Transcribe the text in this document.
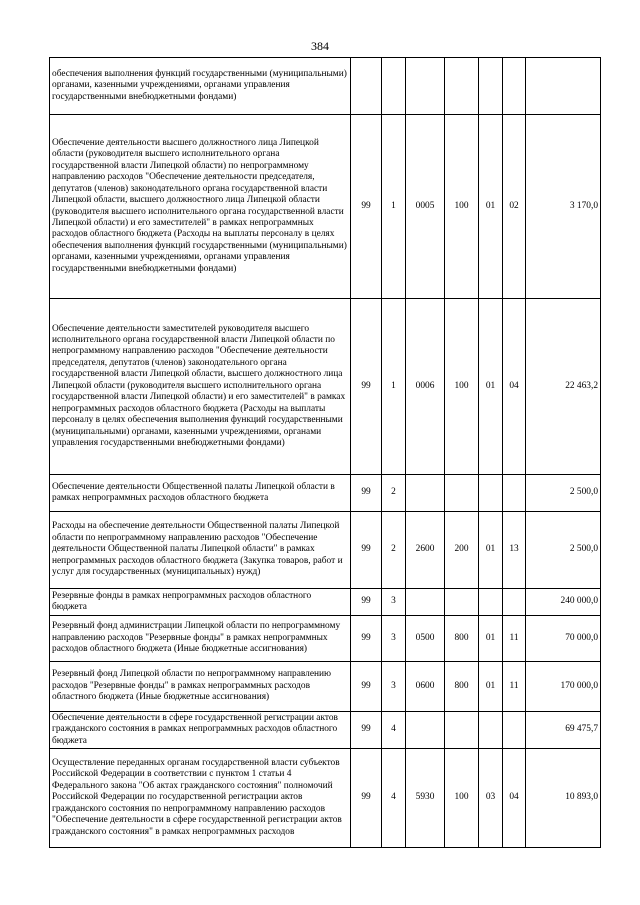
384
обеспечения выполнения функций государственными (муниципальными) органами, казенными учреждениями, органами управления государственными внебюджетными фондами)							
Обеспечение деятельности высшего должностного лица Липецкой области (руководителя высшего исполнительного органа государственной власти Липецкой области) по непрограммному направлению расходов "Обеспечение деятельности председателя, депутатов (членов) законодательного органа государственной власти Липецкой области, высшего должностного лица Липецкой области (руководителя высшего исполнительного органа государственной власти Липецкой области) и его заместителей" в рамках непрограммных расходов областного бюджета (Расходы на выплаты персоналу в целях обеспечения выполнения функций государственными (муниципальными) органами, казенными учреждениями, органами управления государственными внебюджетными фондами)	99	1	0005	100	01	02	3 170,0
Обеспечение деятельности заместителей руководителя высшего исполнительного органа государственной власти Липецкой области по непрограммному направлению расходов "Обеспечение деятельности председателя, депутатов (членов) законодательного органа государственной власти Липецкой области, высшего должностного лица Липецкой области (руководителя высшего исполнительного органа государственной власти Липецкой области) и его заместителей" в рамках непрограммных расходов областного бюджета (Расходы на выплаты персоналу в целях обеспечения выполнения функций государственными (муниципальными) органами, казенными учреждениями, органами управления государственными внебюджетными фондами)	99	1	0006	100	01	04	22 463,2
Обеспечение деятельности Общественной палаты Липецкой области в рамках непрограммных расходов областного бюджета	99	2					2 500,0
Расходы на обеспечение деятельности Общественной палаты Липецкой области по непрограммному направлению расходов "Обеспечение деятельности Общественной палаты Липецкой области" в рамках непрограммных расходов областного бюджета (Закупка товаров, работ и услуг для государственных (муниципальных) нужд)	99	2	2600	200	01	13	2 500,0
Резервные фонды в рамках непрограммных расходов областного бюджета	99	3					240 000,0
Резервный фонд администрации Липецкой области по непрограммному направлению расходов "Резервные фонды" в рамках непрограммных расходов областного бюджета (Иные бюджетные ассигнования)	99	3	0500	800	01	11	70 000,0
Резервный фонд Липецкой области по непрограммному направлению расходов "Резервные фонды" в рамках непрограммных расходов областного бюджета (Иные бюджетные ассигнования)	99	3	0600	800	01	11	170 000,0
Обеспечение деятельности в сфере государственной регистрации актов гражданского состояния в рамках непрограммных расходов областного бюджета	99	4					69 475,7
Осуществление переданных органам государственной власти субъектов Российской Федерации в соответствии с пунктом 1 статьи 4 Федерального закона "Об актах гражданского состояния" полномочий Российской Федерации по государственной регистрации актов гражданского состояния по непрограммному направлению расходов "Обеспечение деятельности в сфере государственной регистрации актов гражданского состояния" в рамках непрограммных расходов	99	4	5930	100	03	04	10 893,0
